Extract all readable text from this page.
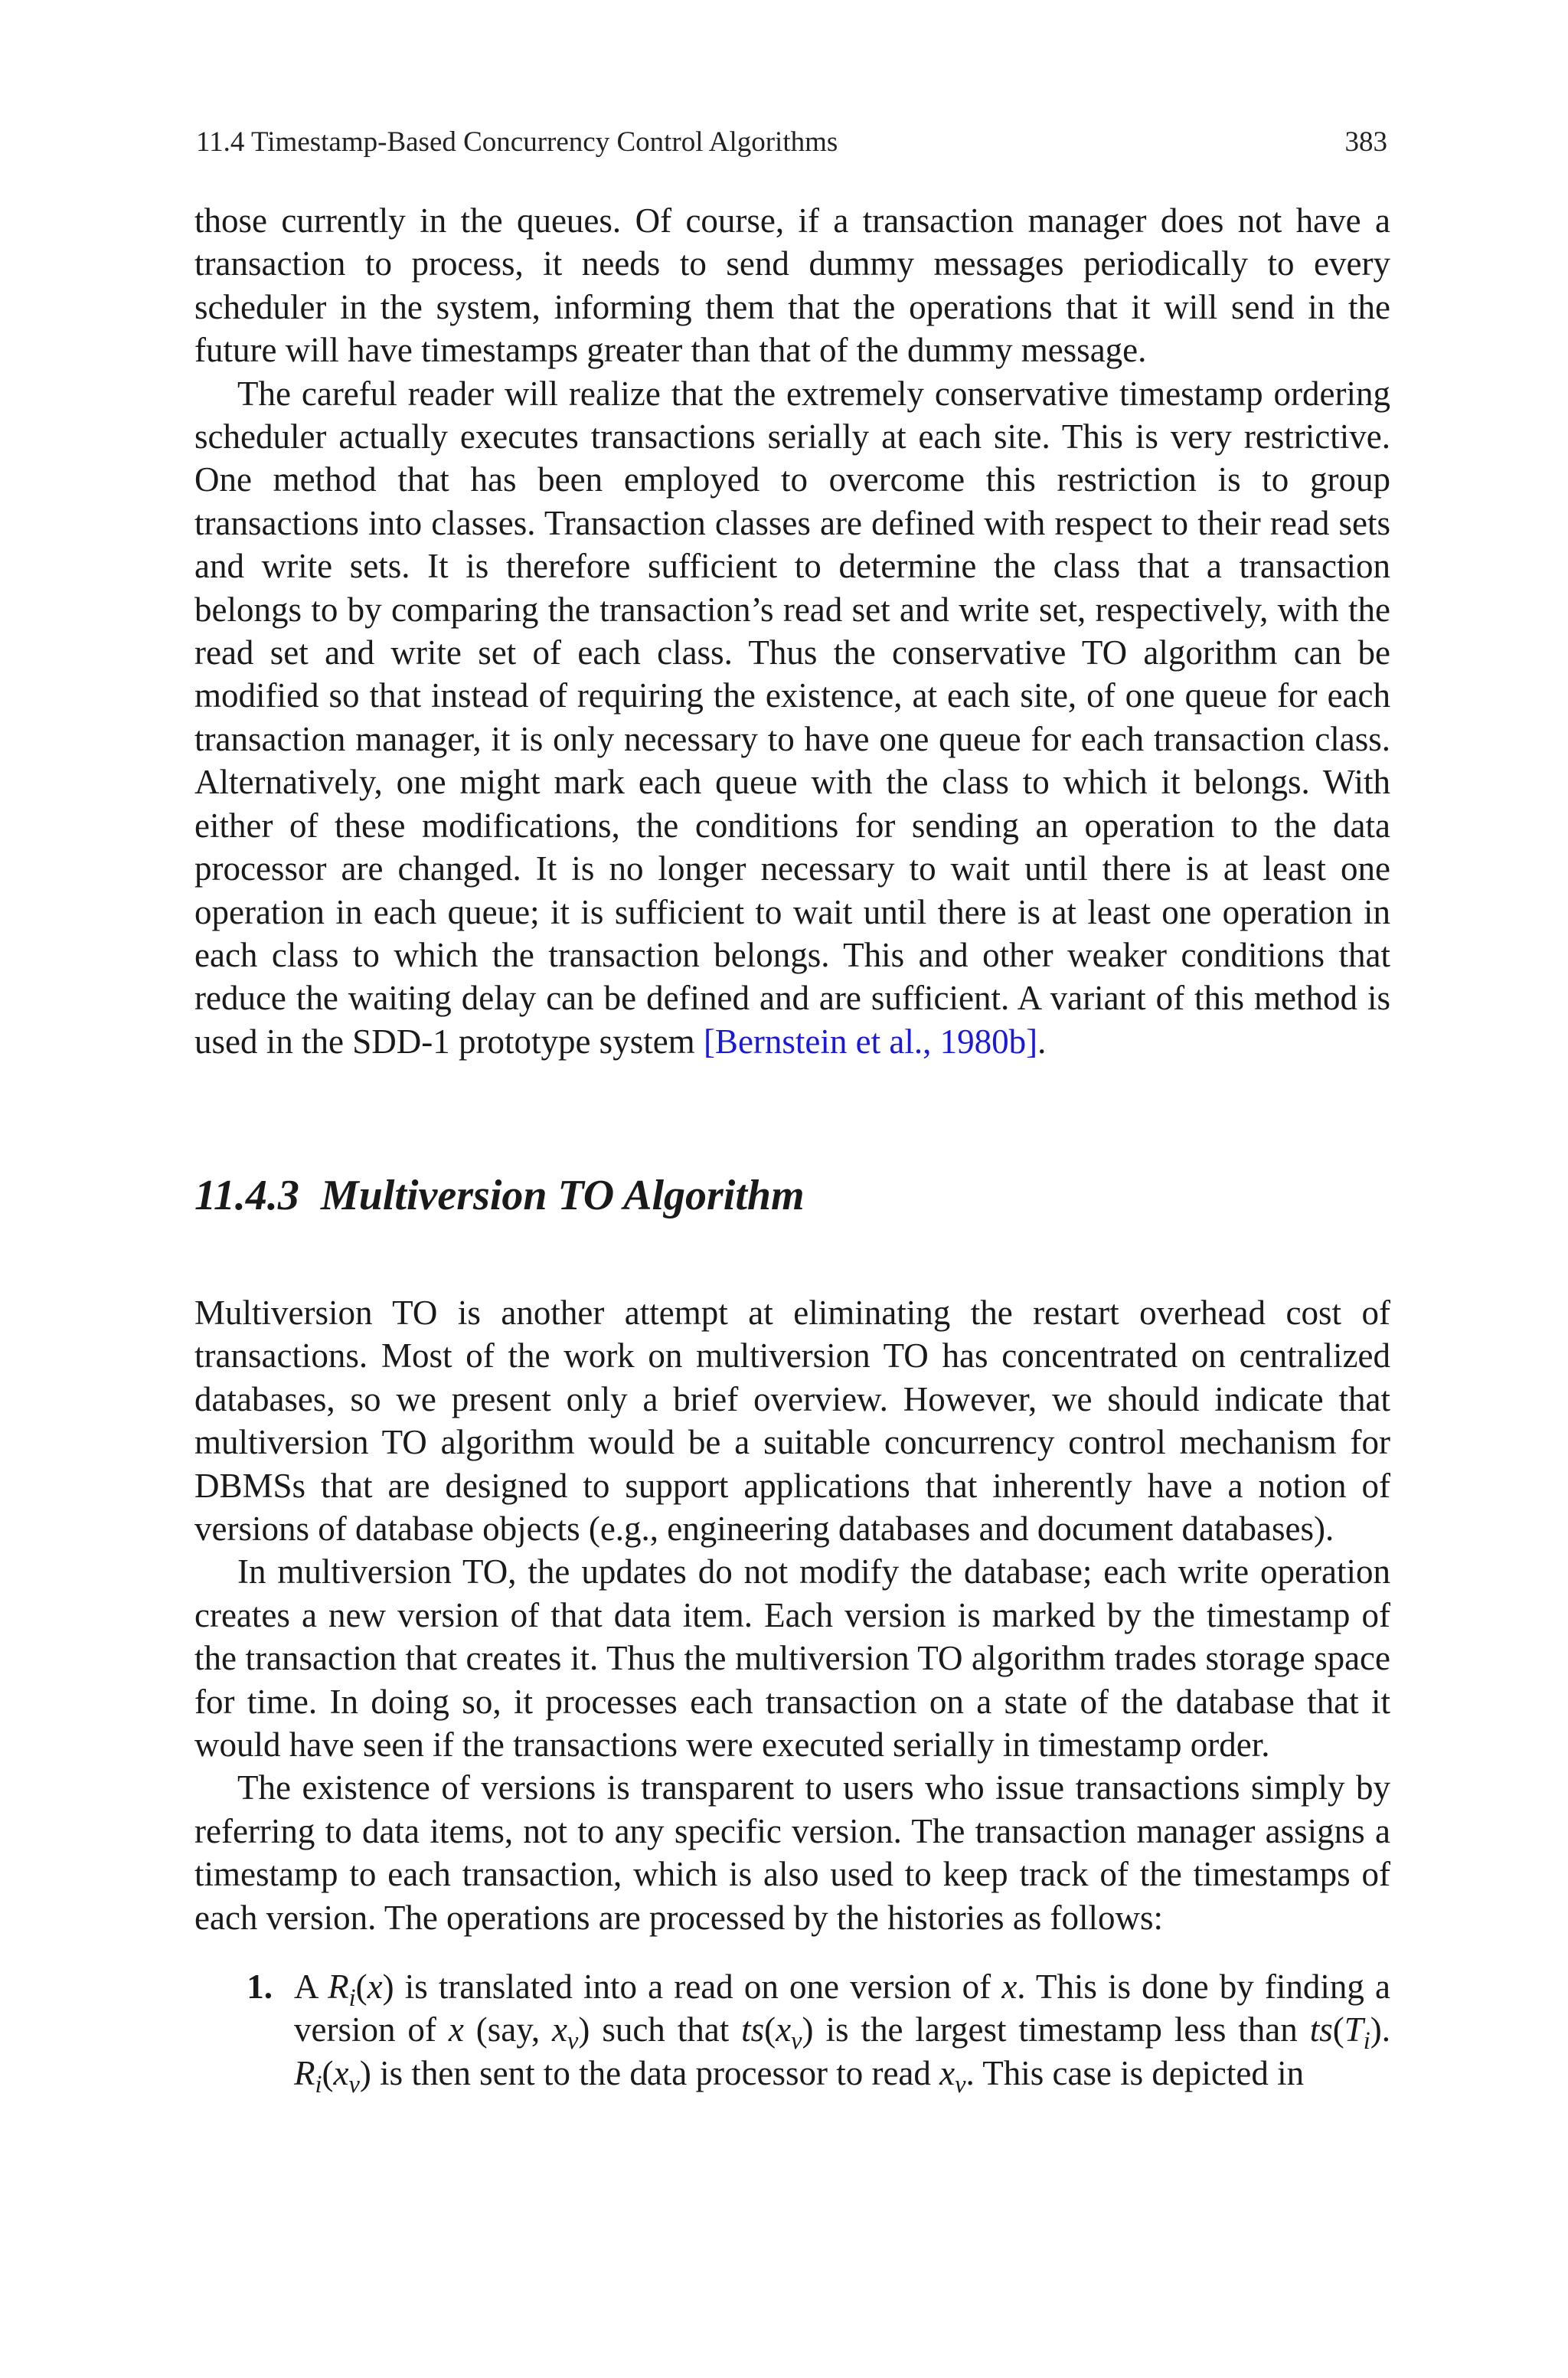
11.4 Timestamp-Based Concurrency Control Algorithms	383

those currently in the queues. Of course, if a transaction manager does not have a transaction to process, it needs to send dummy messages periodically to every scheduler in the system, informing them that the operations that it will send in the future will have timestamps greater than that of the dummy message.

The careful reader will realize that the extremely conservative timestamp ordering scheduler actually executes transactions serially at each site. This is very restrictive. One method that has been employed to overcome this restriction is to group transactions into classes. Transaction classes are defined with respect to their read sets and write sets. It is therefore sufficient to determine the class that a transaction belongs to by comparing the transaction’s read set and write set, respectively, with the read set and write set of each class. Thus the conservative TO algorithm can be modified so that instead of requiring the existence, at each site, of one queue for each transaction manager, it is only necessary to have one queue for each transaction class. Alternatively, one might mark each queue with the class to which it belongs. With either of these modifications, the conditions for sending an operation to the data processor are changed. It is no longer necessary to wait until there is at least one operation in each queue; it is sufficient to wait until there is at least one operation in each class to which the transaction belongs. This and other weaker conditions that reduce the waiting delay can be defined and are sufficient. A variant of this method is used in the SDD-1 prototype system [Bernstein et al., 1980b].

11.4.3 Multiversion TO Algorithm

Multiversion TO is another attempt at eliminating the restart overhead cost of transactions. Most of the work on multiversion TO has concentrated on centralized databases, so we present only a brief overview. However, we should indicate that multiversion TO algorithm would be a suitable concurrency control mechanism for DBMSs that are designed to support applications that inherently have a notion of versions of database objects (e.g., engineering databases and document databases).

In multiversion TO, the updates do not modify the database; each write operation creates a new version of that data item. Each version is marked by the timestamp of the transaction that creates it. Thus the multiversion TO algorithm trades storage space for time. In doing so, it processes each transaction on a state of the database that it would have seen if the transactions were executed serially in timestamp order.

The existence of versions is transparent to users who issue transactions simply by referring to data items, not to any specific version. The transaction manager assigns a timestamp to each transaction, which is also used to keep track of the timestamps of each version. The operations are processed by the histories as follows:

1. A $R_i(x)$ is translated into a read on one version of x. This is done by finding a version of x (say, $x_v$) such that $ts(x_v)$ is the largest timestamp less than $ts(T_i)$. $R_i(x_v)$ is then sent to the data processor to read $x_v$. This case is depicted in
